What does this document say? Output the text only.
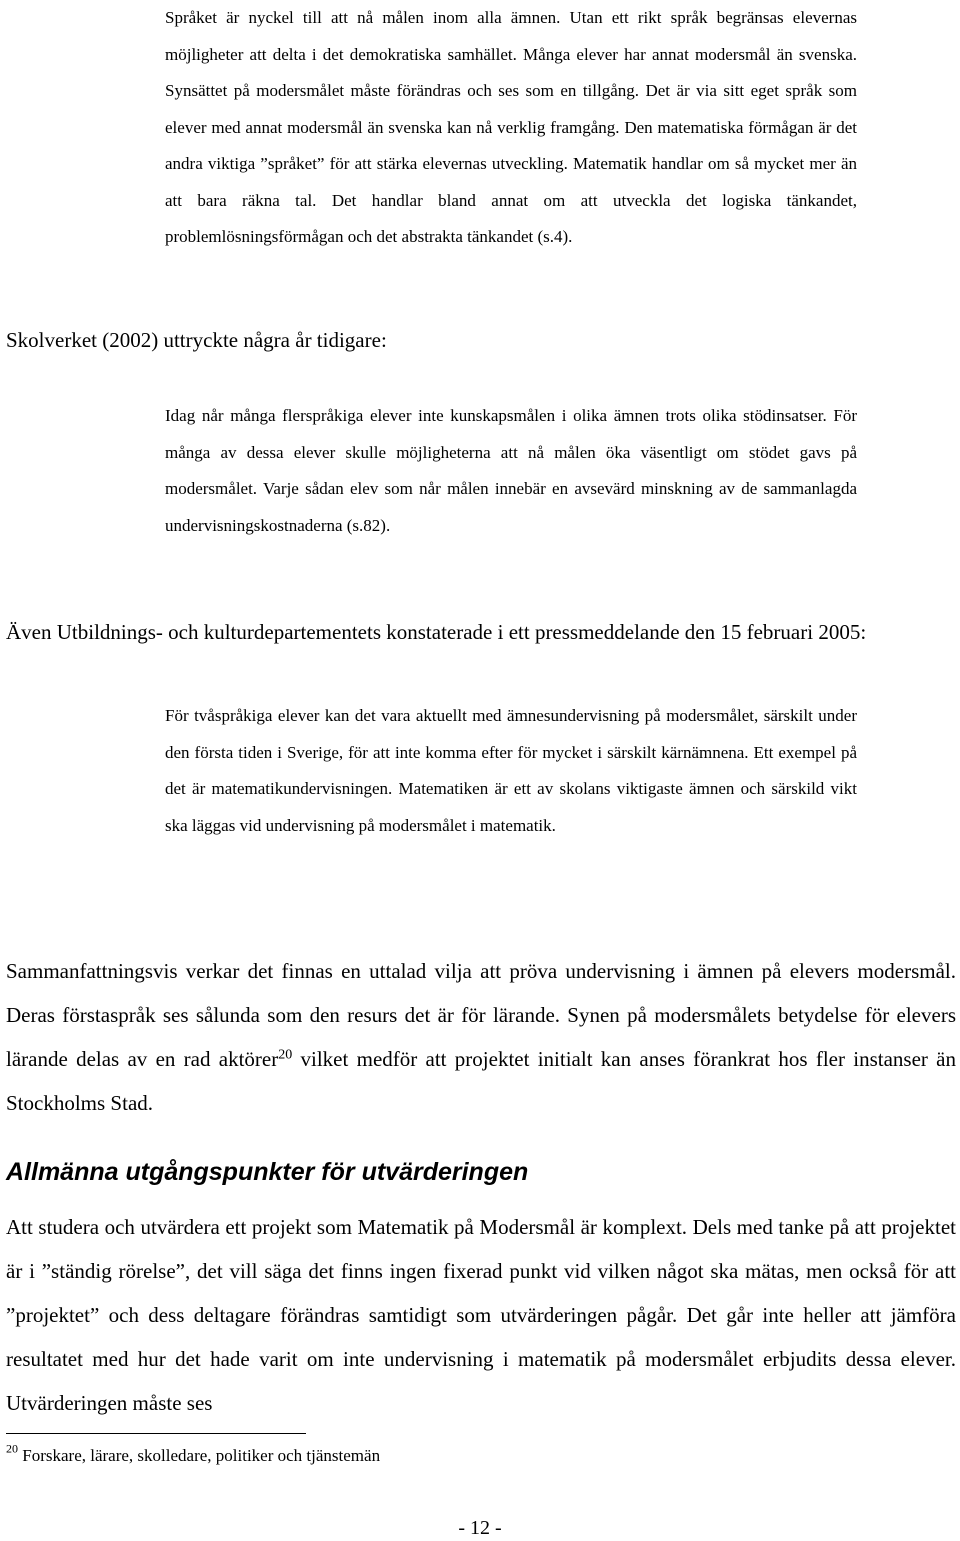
Språket är nyckel till att nå målen inom alla ämnen. Utan ett rikt språk begränsas elevernas möjligheter att delta i det demokratiska samhället. Många elever har annat modersmål än svenska. Synsättet på modersmålet måste förändras och ses som en tillgång. Det är via sitt eget språk som elever med annat modersmål än svenska kan nå verklig framgång. Den matematiska förmågan är det andra viktiga ”språket” för att stärka elevernas utveckling. Matematik handlar om så mycket mer än att bara räkna tal. Det handlar bland annat om att utveckla det logiska tänkandet, problemlösningsförmågan och det abstrakta tänkandet (s.4).
Skolverket (2002) uttryckte några år tidigare:
Idag når många flerspråkiga elever inte kunskapsmålen i olika ämnen trots olika stödinsatser. För många av dessa elever skulle möjligheterna att nå målen öka väsentligt om stödet gavs på modersmålet. Varje sådan elev som når målen innebär en avsevärd minskning av de sammanlagda undervisningskostnaderna (s.82).
Även Utbildnings- och kulturdepartementets konstaterade i ett pressmeddelande den 15 februari 2005:
För tvåspråkiga elever kan det vara aktuellt med ämnesundervisning på modersmålet, särskilt under den första tiden i Sverige, för att inte komma efter för mycket i särskilt kärnämnena. Ett exempel på det är matematikundervisningen. Matematiken är ett av skolans viktigaste ämnen och särskild vikt ska läggas vid undervisning på modersmålet i matematik.
Sammanfattningsvis verkar det finnas en uttalad vilja att pröva undervisning i ämnen på elevers modersmål. Deras förstaspråk ses sålunda som den resurs det är för lärande. Synen på modersmålets betydelse för elevers lärande delas av en rad aktörer$^{20}$ vilket medför att projektet initialt kan anses förankrat hos fler instanser än Stockholms Stad.
Allmänna utgångspunkter för utvärderingen
Att studera och utvärdera ett projekt som Matematik på Modersmål är komplext. Dels med tanke på att projektet är i ”ständig rörelse”, det vill säga det finns ingen fixerad punkt vid vilken något ska mätas, men också för att ”projektet” och dess deltagare förändras samtidigt som utvärderingen pågår. Det går inte heller att jämföra resultatet med hur det hade varit om inte undervisning i matematik på modersmålet erbjudits dessa elever. Utvärderingen måste ses
$^{20}$ Forskare, lärare, skolledare, politiker och tjänstemän
- 12 -
